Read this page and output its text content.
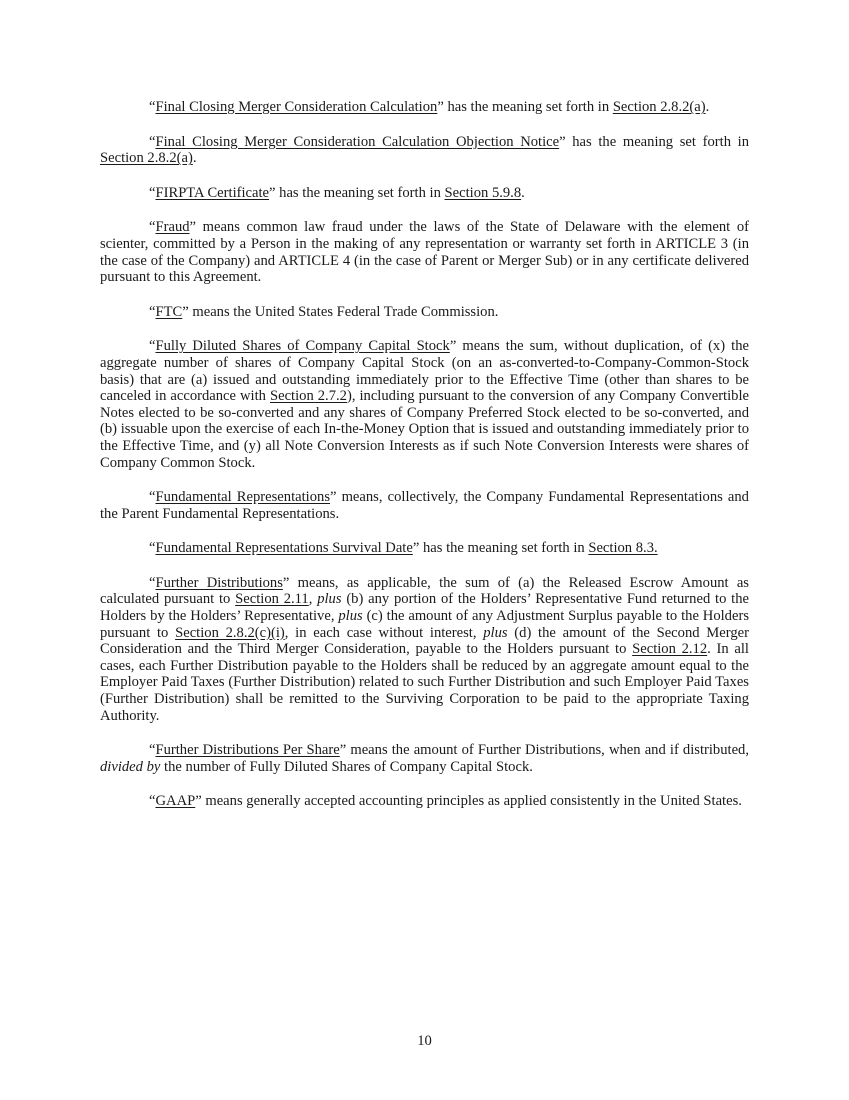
“Final Closing Merger Consideration Calculation” has the meaning set forth in Section 2.8.2(a).

“Final Closing Merger Consideration Calculation Objection Notice” has the meaning set forth in Section 2.8.2(a).

“FIRPTA Certificate” has the meaning set forth in Section 5.9.8.

“Fraud” means common law fraud under the laws of the State of Delaware with the element of scienter, committed by a Person in the making of any representation or warranty set forth in ARTICLE 3 (in the case of the Company) and ARTICLE 4 (in the case of Parent or Merger Sub) or in any certificate delivered pursuant to this Agreement.

“FTC” means the United States Federal Trade Commission.

“Fully Diluted Shares of Company Capital Stock” means the sum, without duplication, of (x) the aggregate number of shares of Company Capital Stock (on an as-converted-to-Company-Common-Stock basis) that are (a) issued and outstanding immediately prior to the Effective Time (other than shares to be canceled in accordance with Section 2.7.2), including pursuant to the conversion of any Company Convertible Notes elected to be so-converted and any shares of Company Preferred Stock elected to be so-converted, and (b) issuable upon the exercise of each In-the-Money Option that is issued and outstanding immediately prior to the Effective Time, and (y) all Note Conversion Interests as if such Note Conversion Interests were shares of Company Common Stock.

“Fundamental Representations” means, collectively, the Company Fundamental Representations and the Parent Fundamental Representations.

“Fundamental Representations Survival Date” has the meaning set forth in Section 8.3.

“Further Distributions” means, as applicable, the sum of (a) the Released Escrow Amount as calculated pursuant to Section 2.11, plus (b) any portion of the Holders’ Representative Fund returned to the Holders by the Holders’ Representative, plus (c) the amount of any Adjustment Surplus payable to the Holders pursuant to Section 2.8.2(c)(i), in each case without interest, plus (d) the amount of the Second Merger Consideration and the Third Merger Consideration, payable to the Holders pursuant to Section 2.12. In all cases, each Further Distribution payable to the Holders shall be reduced by an aggregate amount equal to the Employer Paid Taxes (Further Distribution) related to such Further Distribution and such Employer Paid Taxes (Further Distribution) shall be remitted to the Surviving Corporation to be paid to the appropriate Taxing Authority.

“Further Distributions Per Share” means the amount of Further Distributions, when and if distributed, divided by the number of Fully Diluted Shares of Company Capital Stock.

“GAAP” means generally accepted accounting principles as applied consistently in the United States.

10
